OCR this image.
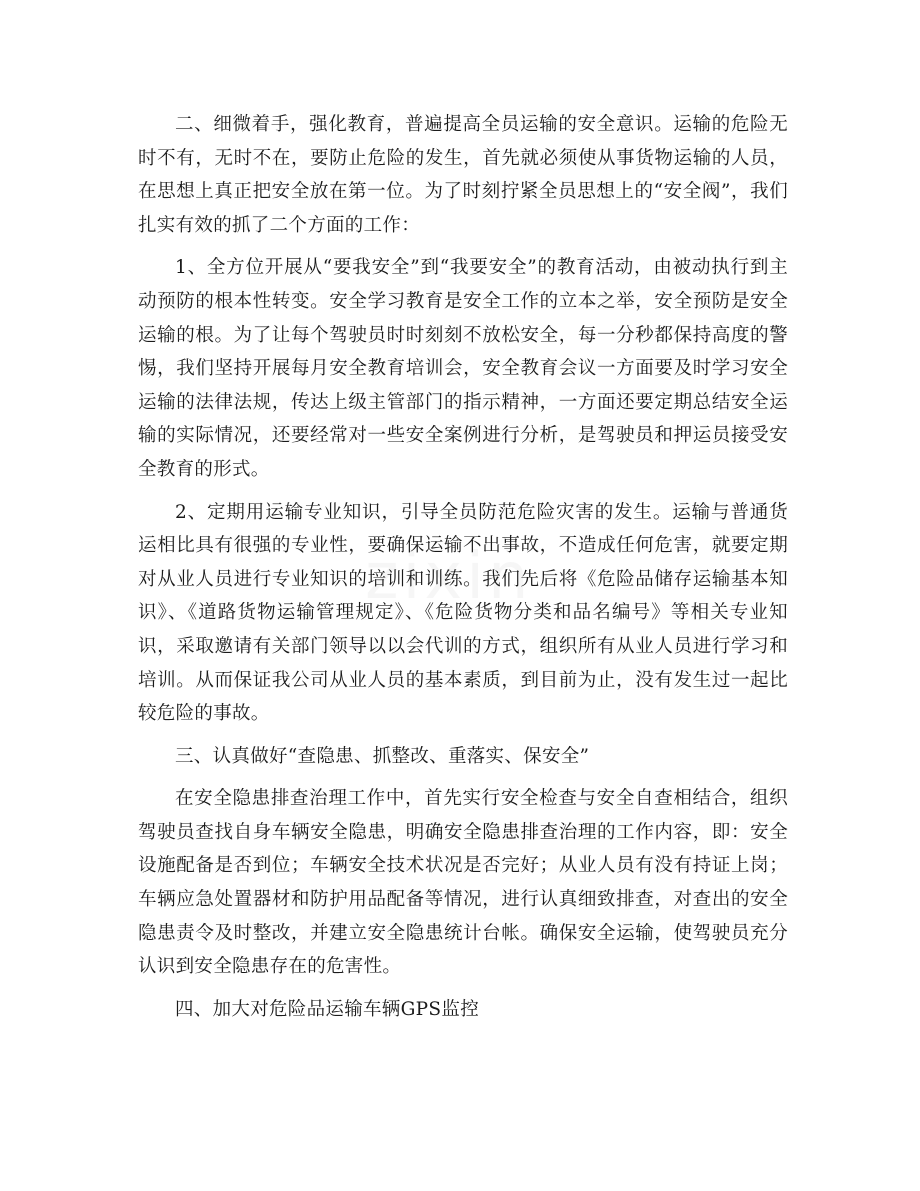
二、细微着手，强化教育，普遍提高全员运输的安全意识。运输的危险无时不有，无时不在，要防止危险的发生，首先就必须使从事货物运输的人员，在思想上真正把安全放在第一位。为了时刻拧紧全员思想上的“安全阀”，我们扎实有效的抓了二个方面的工作：

1、全方位开展从“要我安全”到“我要安全”的教育活动，由被动执行到主动预防的根本性转变。安全学习教育是安全工作的立本之举，安全预防是安全运输的根。为了让每个驾驶员时时刻刻不放松安全，每一分秒都保持高度的警惕，我们坚持开展每月安全教育培训会，安全教育会议一方面要及时学习安全运输的法律法规，传达上级主管部门的指示精神，一方面还要定期总结安全运输的实际情况，还要经常对一些安全案例进行分析，是驾驶员和押运员接受安全教育的形式。

2、定期用运输专业知识，引导全员防范危险灾害的发生。运输与普通货运相比具有很强的专业性，要确保运输不出事故，不造成任何危害，就要定期对从业人员进行专业知识的培训和训练。我们先后将《危险品储存运输基本知识》、《道路货物运输管理规定》、《危险货物分类和品名编号》等相关专业知识，采取邀请有关部门领导以以会代训的方式，组织所有从业人员进行学习和培训。从而保证我公司从业人员的基本素质，到目前为止，没有发生过一起比较危险的事故。

三、认真做好“查隐患、抓整改、重落实、保安全”

在安全隐患排查治理工作中，首先实行安全检查与安全自查相结合，组织驾驶员查找自身车辆安全隐患，明确安全隐患排查治理的工作内容，即：安全设施配备是否到位；车辆安全技术状况是否完好；从业人员有没有持证上岗；车辆应急处置器材和防护用品配备等情况，进行认真细致排查，对查出的安全隐患责令及时整改，并建立安全隐患统计台帐。确保安全运输，使驾驶员充分认识到安全隐患存在的危害性。

四、加大对危险品运输车辆GPS监控
